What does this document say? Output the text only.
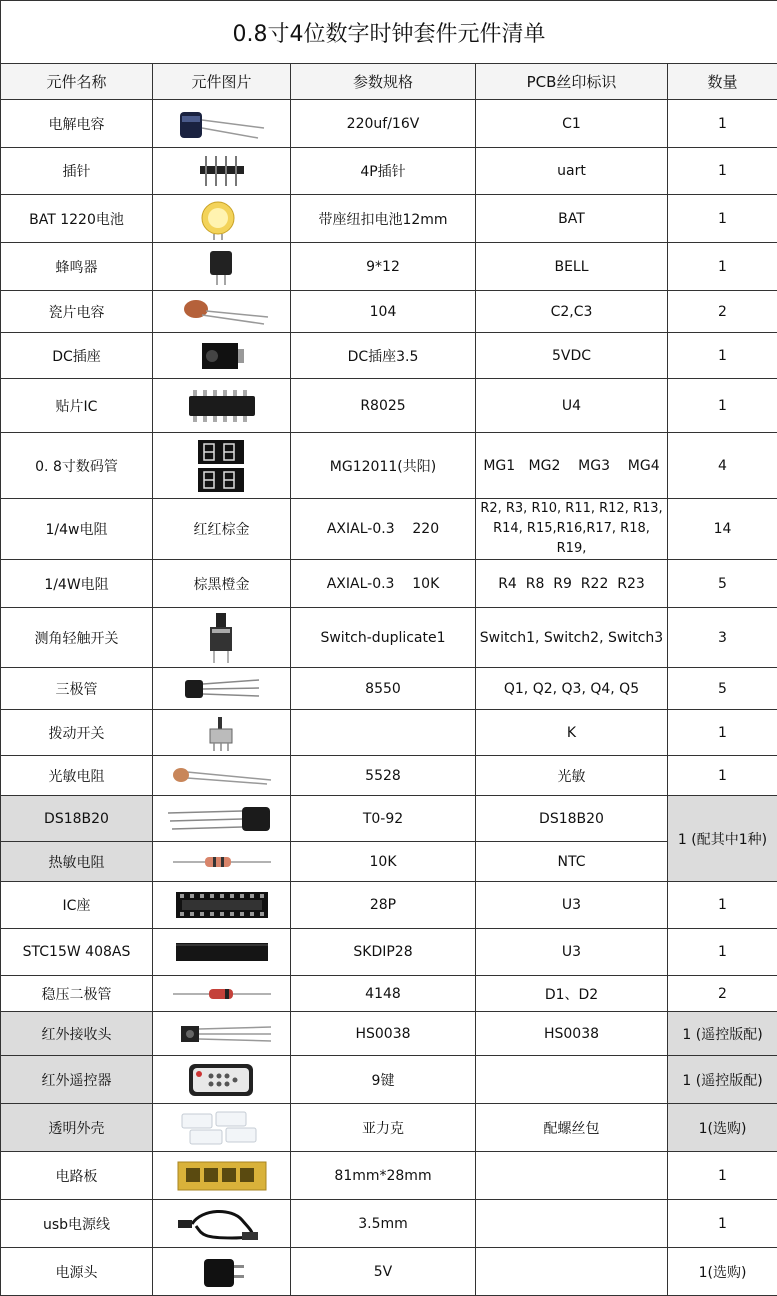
0.8寸4位数字时钟套件元件清单				
元件名称	元件图片	参数规格	PCB丝印标识	数量
电解电容		220uf/16V	C1	1
插针		4P插针	uart	1
BAT 1220电池		带座纽扣电池12mm	BAT	1
蜂鸣器		9*12	BELL	1
瓷片电容		104	C2,C3	2
DC插座		DC插座3.5	5VDC	1
贴片IC		R8025	U4	1
0. 8寸数码管		MG12011(共阳)	MG1   MG2    MG3    MG4	4
1/4w电阻	红红棕金	AXIAL-0.3    220	R2, R3, R10, R11, R12, R13,
R14, R15,R16,R17, R18, R19,	14
1/4W电阻	棕黑橙金	AXIAL-0.3    10K	R4  R8  R9  R22  R23	5
测角轻触开关		Switch-duplicate1	Switch1, Switch2, Switch3	3
三极管		8550	Q1, Q2, Q3, Q4, Q5	5
拨动开关			K	1
光敏电阻		5528	光敏	1
DS18B20		T0-92	DS18B20	1 (配其中1种)
热敏电阻		10K	NTC	
IC座		28P	U3	1
STC15W 408AS		SKDIP28	U3	1
稳压二极管		4148	D1、D2	2
红外接收头		HS0038	HS0038	1 (遥控版配)
红外遥控器		9键		1 (遥控版配)
透明外壳		亚力克	配螺丝包	1(选购)
电路板		81mm*28mm		1
usb电源线		3.5mm		1
电源头		5V		1(选购)
